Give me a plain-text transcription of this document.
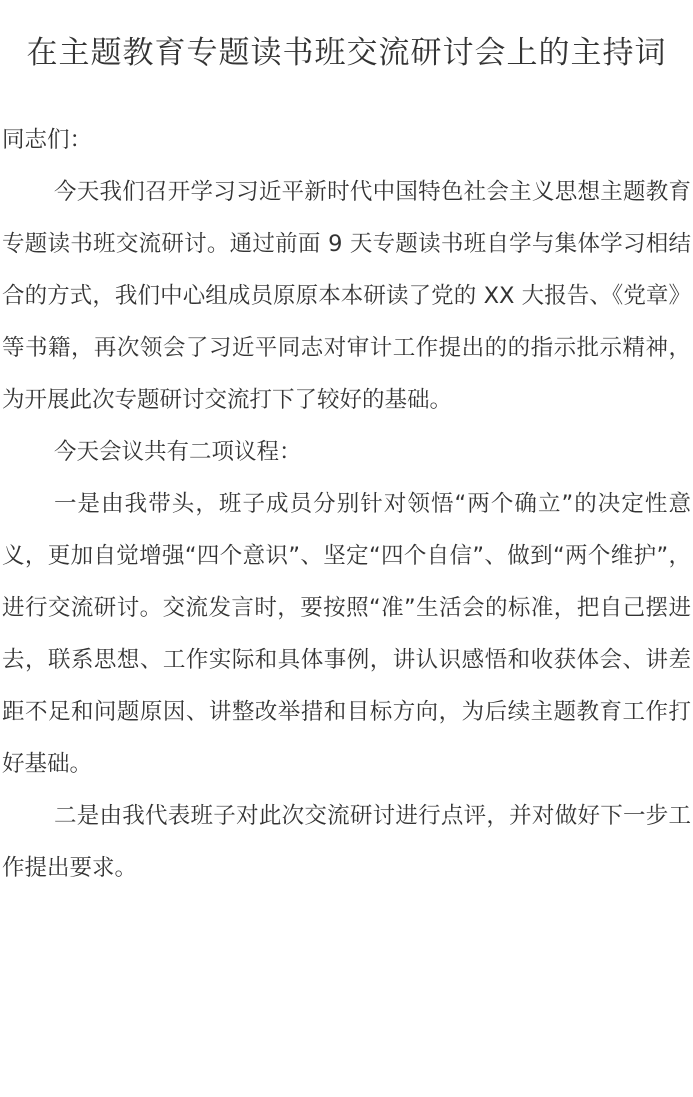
在主题教育专题读书班交流研讨会上的主持词

同志们：

今天我们召开学习习近平新时代中国特色社会主义思想主题教育专题读书班交流研讨。通过前面 9 天专题读书班自学与集体学习相结合的方式，我们中心组成员原原本本研读了党的 XX 大报告、《党章》等书籍，再次领会了习近平同志对审计工作提出的的指示批示精神，为开展此次专题研讨交流打下了较好的基础。

今天会议共有二项议程：

一是由我带头，班子成员分别针对领悟“两个确立”的决定性意义，更加自觉增强“四个意识”、坚定“四个自信”、做到“两个维护”，进行交流研讨。交流发言时，要按照“准”生活会的标准，把自己摆进去，联系思想、工作实际和具体事例，讲认识感悟和收获体会、讲差距不足和问题原因、讲整改举措和目标方向，为后续主题教育工作打好基础。

二是由我代表班子对此次交流研讨进行点评，并对做好下一步工作提出要求。
